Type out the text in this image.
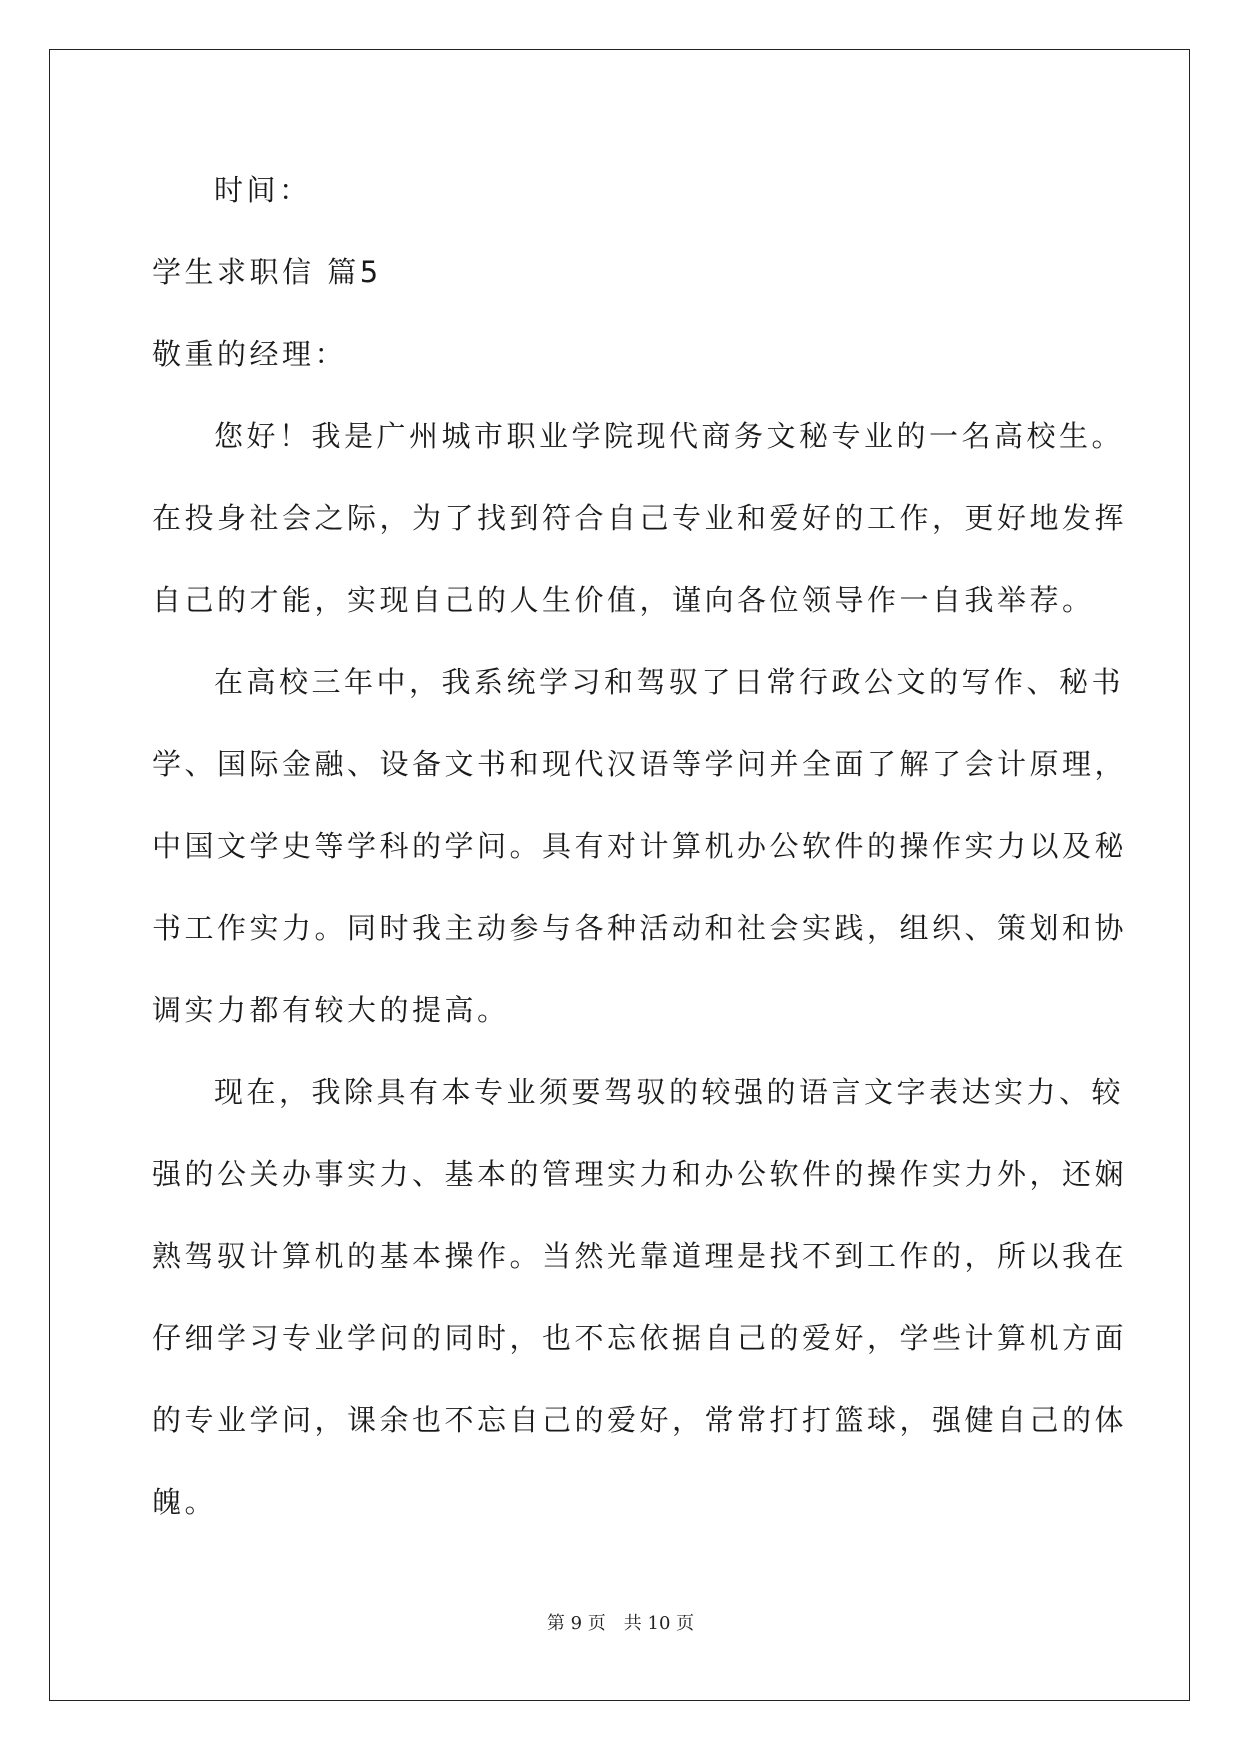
时间：
学生求职信 篇5
敬重的经理：
您好！我是广州城市职业学院现代商务文秘专业的一名高校生。
在投身社会之际，为了找到符合自己专业和爱好的工作，更好地发挥
自己的才能，实现自己的人生价值，谨向各位领导作一自我举荐。
在高校三年中，我系统学习和驾驭了日常行政公文的写作、秘书
学、国际金融、设备文书和现代汉语等学问并全面了解了会计原理，
中国文学史等学科的学问。具有对计算机办公软件的操作实力以及秘
书工作实力。同时我主动参与各种活动和社会实践，组织、策划和协
调实力都有较大的提高。
现在，我除具有本专业须要驾驭的较强的语言文字表达实力、较
强的公关办事实力、基本的管理实力和办公软件的操作实力外，还娴
熟驾驭计算机的基本操作。当然光靠道理是找不到工作的，所以我在
仔细学习专业学问的同时，也不忘依据自己的爱好，学些计算机方面
的专业学问，课余也不忘自己的爱好，常常打打篮球，强健自己的体
魄。
第 9 页　共 10 页
